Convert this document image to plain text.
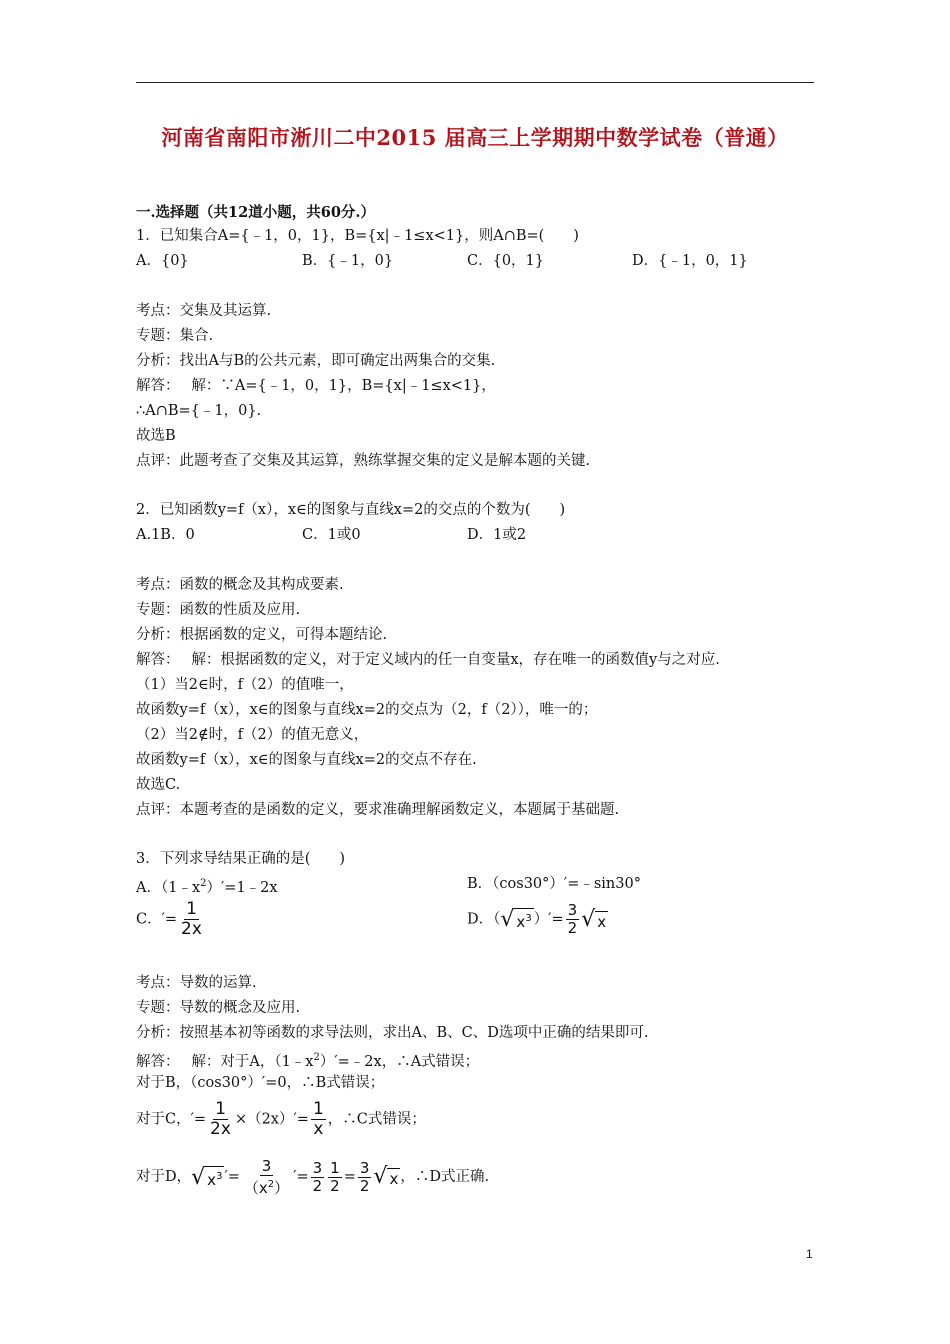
河南省南阳市淅川二中2015 届高三上学期期中数学试卷（普通）
一.选择题（共12道小题，共60分.）
1．已知集合A={﹣1，0，1}，B={x|﹣1≤x<1}，则A∩B=(　　)
A．{0}	B．{﹣1，0}	C．{0，1}	D．{﹣1，0，1}
考点：交集及其运算.
专题：集合.
分析：找出A与B的公共元素，即可确定出两集合的交集.
解答：　 解：∵A={﹣1，0，1}，B={x|﹣1≤x<1}，
∴A∩B={﹣1，0}.
故选B
点评：此题考查了交集及其运算，熟练掌握交集的定义是解本题的关键.
2．已知函数y=f（x），x∈的图象与直线x=2的交点的个数为(　　)
A.1B．0	C．1或0	D．1或2
考点：函数的概念及其构成要素.
专题：函数的性质及应用.
分析：根据函数的定义，可得本题结论.
解答：　 解：根据函数的定义，对于定义域内的任一自变量x，存在唯一的函数值y与之对应.
（1）当2∈时，f（2）的值唯一，
故函数y=f（x），x∈的图象与直线x=2的交点为（2，f（2）），唯一的；
（2）当2∉时，f（2）的值无意义，
故函数y=f（x），x∈的图象与直线x=2的交点不存在.
故选C.
点评：本题考查的是函数的定义，要求准确理解函数定义，本题属于基础题.
3．下列求导结果正确的是(　　)
A．$(1﹣x^2)'=1﹣2x$	B．（cos30°）′=﹣sin30°
C．′= $\frac{1}{2x}$	D．（ √ $x^3$ ）′= $\frac{3}{2}$ √ x
考点：导数的运算.
专题：导数的概念及应用.
分析：按照基本初等函数的求导法则，求出A、B、C、D选项中正确的结果即可.
解答：　 解：对于A，$(1﹣x^2)'=﹣2x$，∴A式错误；
对于B，（cos30°）′=0，∴B式错误；
对于C，′= $\frac{1}{2x} \times(2x)'= \frac{1}{x}$ ，∴C式错误；
对于D， √ $x^3$ ′= $\frac{3}{(x^2)}$ ′= $\frac{3}{2} \frac{1}{2} = \frac{3}{2}$ √ x ，∴D式正确.
1
